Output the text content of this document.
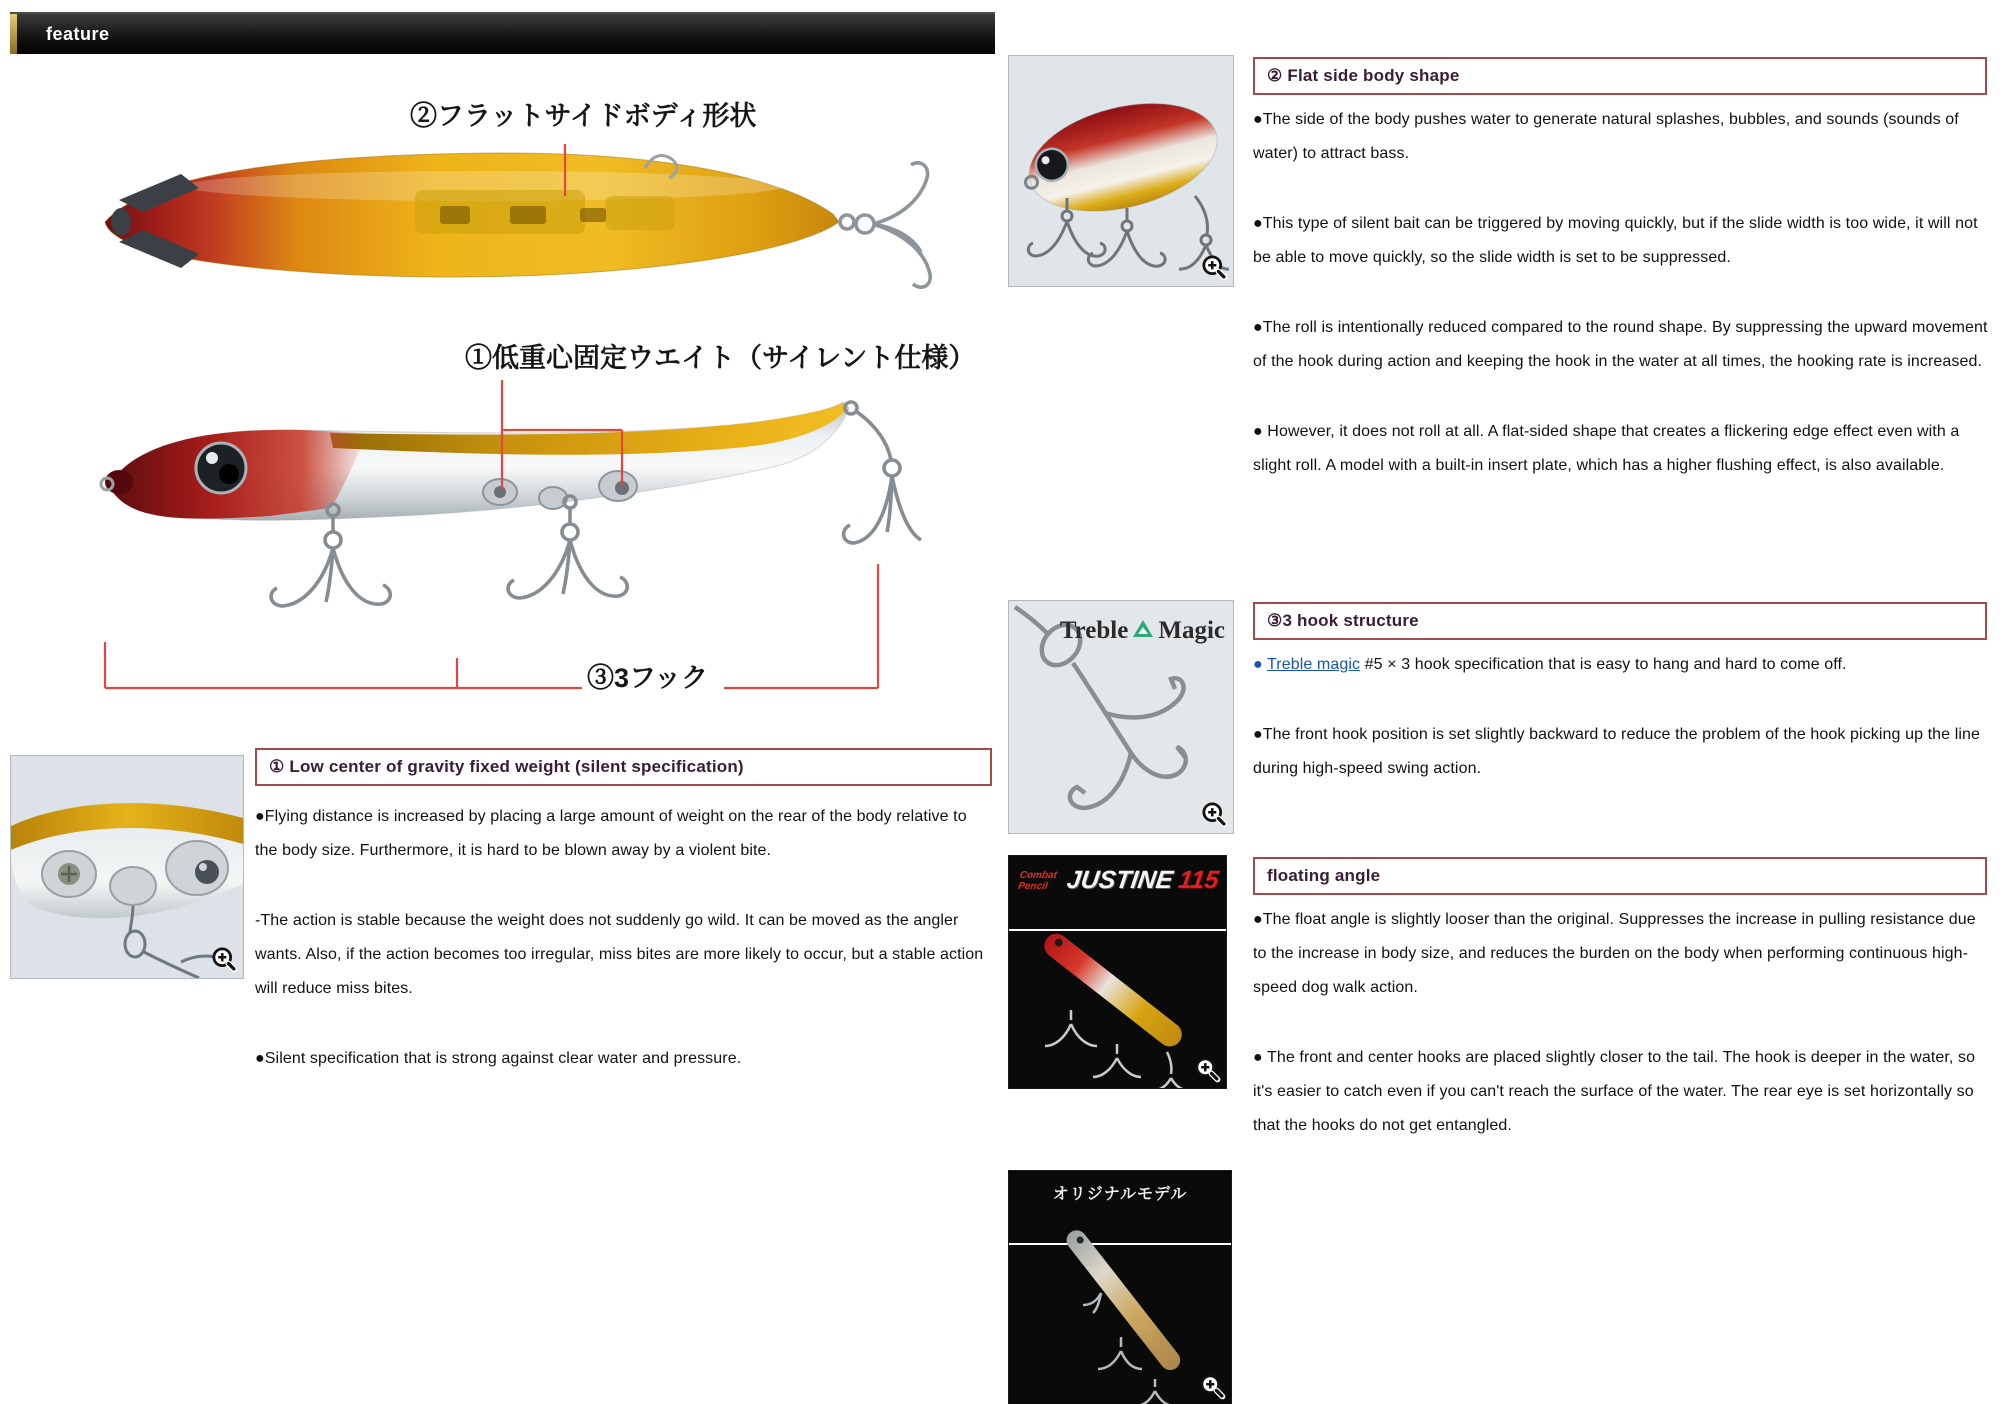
feature
②フラットサイドボディ形状
①低重心固定ウエイト（サイレント仕様）
③3フック
① Low center of gravity fixed weight (silent specification)

●Flying distance is increased by placing a large amount of weight on the rear of the body relative to the body size. Furthermore, it is hard to be blown away by a violent bite.

-The action is stable because the weight does not suddenly go wild. It can be moved as the angler wants. Also, if the action becomes too irregular, miss bites are more likely to occur, but a stable action will reduce miss bites.

●Silent specification that is strong against clear water and pressure.

② Flat side body shape

●The side of the body pushes water to generate natural splashes, bubbles, and sounds (sounds of water) to attract bass.

●This type of silent bait can be triggered by moving quickly, but if the slide width is too wide, it will not be able to move quickly, so the slide width is set to be suppressed.

●The roll is intentionally reduced compared to the round shape. By suppressing the upward movement of the hook during action and keeping the hook in the water at all times, the hooking rate is increased.

● However, it does not roll at all. A flat-sided shape that creates a flickering edge effect even with a slight roll. A model with a built-in insert plate, which has a higher flushing effect, is also available.

Treble Magic	③3 hook structure

● Treble magic #5 × 3 hook specification that is easy to hang and hard to come off.

●The front hook position is set slightly backward to reduce the problem of the hook picking up the line during high-speed swing action.

Combat Pencil JUSTINE 115	floating angle

●The float angle is slightly looser than the original. Suppresses the increase in pulling resistance due to the increase in body size, and reduces the burden on the body when performing continuous high-speed dog walk action.

● The front and center hooks are placed slightly closer to the tail. The hook is deeper in the water, so it's easier to catch even if you can't reach the surface of the water. The rear eye is set horizontally so that the hooks do not get entangled.

オリジナルモデル
